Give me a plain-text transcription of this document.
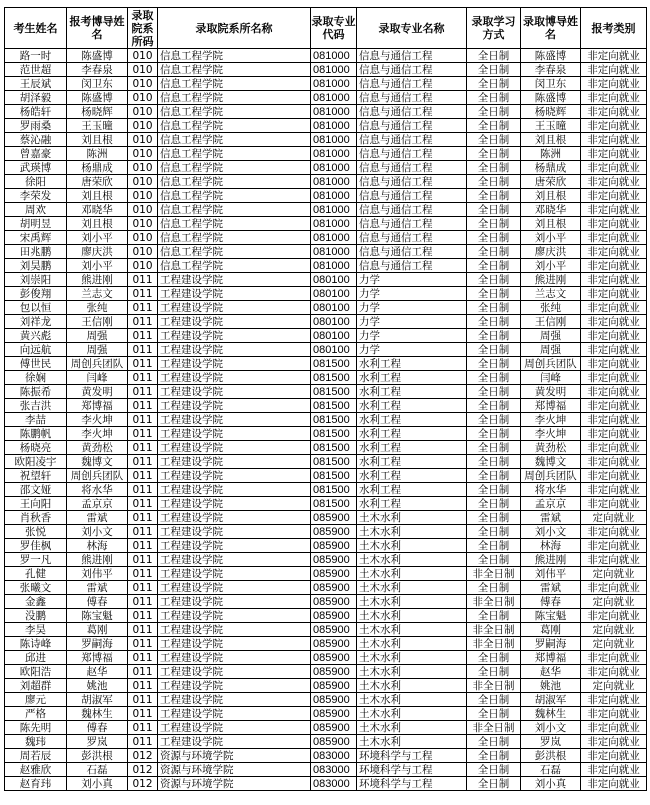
考生姓名	报考博导姓名	录取院系所码	录取院系所名称	录取专业代码	录取专业名称	录取学习方式	录取博导姓名	报考类别
路一时	陈盛博	010	信息工程学院	081000	信息与通信工程	全日制	陈盛博	非定向就业
范世超	李春泉	010	信息工程学院	081000	信息与通信工程	全日制	李春泉	非定向就业
王辰斌	闵卫东	010	信息工程学院	081000	信息与通信工程	全日制	闵卫东	非定向就业
胡泽毅	陈盛博	010	信息工程学院	081000	信息与通信工程	全日制	陈盛博	非定向就业
杨皓轩	杨晓辉	010	信息工程学院	081000	信息与通信工程	全日制	杨晓辉	非定向就业
罗雨桑	王玉曈	010	信息工程学院	081000	信息与通信工程	全日制	王玉曈	非定向就业
蔡沁融	刘且根	010	信息工程学院	081000	信息与通信工程	全日制	刘且根	非定向就业
曾嘉豪	陈洲	010	信息工程学院	081000	信息与通信工程	全日制	陈洲	非定向就业
武瑛博	杨鼎成	010	信息工程学院	081000	信息与通信工程	全日制	杨鼎成	非定向就业
徐阳	唐荣欣	010	信息工程学院	081000	信息与通信工程	全日制	唐荣欣	非定向就业
李荣发	刘且根	010	信息工程学院	081000	信息与通信工程	全日制	刘且根	非定向就业
周欢	邓晓华	010	信息工程学院	081000	信息与通信工程	全日制	邓晓华	非定向就业
胡明昱	刘且根	010	信息工程学院	081000	信息与通信工程	全日制	刘且根	非定向就业
宋禹辉	刘小平	010	信息工程学院	081000	信息与通信工程	全日制	刘小平	非定向就业
田兆鹏	廖庆洪	010	信息工程学院	081000	信息与通信工程	全日制	廖庆洪	非定向就业
刘昊鹏	刘小平	010	信息工程学院	081000	信息与通信工程	全日制	刘小平	非定向就业
刘崇阳	熊进刚	011	工程建设学院	080100	力学	全日制	熊进刚	非定向就业
彭俊翔	兰志文	011	工程建设学院	080100	力学	全日制	兰志文	非定向就业
包以恒	张纯	011	工程建设学院	080100	力学	全日制	张纯	非定向就业
刘祥龙	王信刚	011	工程建设学院	080100	力学	全日制	王信刚	非定向就业
黄兴彪	周强	011	工程建设学院	080100	力学	全日制	周强	非定向就业
向远航	周强	011	工程建设学院	080100	力学	全日制	周强	非定向就业
傅世民	周创兵团队	011	工程建设学院	081500	水利工程	全日制	周创兵团队	非定向就业
徐娴	闫峰	011	工程建设学院	081500	水利工程	全日制	闫峰	非定向就业
陈振希	黄发明	011	工程建设学院	081500	水利工程	全日制	黄发明	非定向就业
张吉洪	郑博福	011	工程建设学院	081500	水利工程	全日制	郑博福	非定向就业
李喆	李火坤	011	工程建设学院	081500	水利工程	全日制	李火坤	非定向就业
陈鹏帆	李火坤	011	工程建设学院	081500	水利工程	全日制	李火坤	非定向就业
杨晓亮	黄劲松	011	工程建设学院	081500	水利工程	全日制	黄劲松	非定向就业
欧阳凌宇	魏博文	011	工程建设学院	081500	水利工程	全日制	魏博文	非定向就业
祝望轩	周创兵团队	011	工程建设学院	081500	水利工程	全日制	周创兵团队	非定向就业
邵文娅	将水华	011	工程建设学院	081500	水利工程	全日制	将水华	非定向就业
王向阳	孟京京	011	工程建设学院	081500	水利工程	全日制	孟京京	非定向就业
肖秋香	雷斌	011	工程建设学院	085900	土木水利	全日制	雷斌	定向就业
张悦	刘小文	011	工程建设学院	085900	土木水利	全日制	刘小文	非定向就业
罗佳枫	林海	011	工程建设学院	085900	土木水利	全日制	林海	非定向就业
罗一凡	熊进刚	011	工程建设学院	085900	土木水利	全日制	熊进刚	非定向就业
孔健	刘伟平	011	工程建设学院	085900	土木水利	非全日制	刘伟平	定向就业
张曦文	雷斌	011	工程建设学院	085900	土木水利	全日制	雷斌	非定向就业
金鑫	傅春	011	工程建设学院	085900	土木水利	非全日制	傅春	定向就业
没鹏	陈宝魁	011	工程建设学院	085900	土木水利	全日制	陈宝魁	非定向就业
李昊	葛刚	011	工程建设学院	085900	土木水利	非全日制	葛刚	定向就业
陈诗峰	罗嗣海	011	工程建设学院	085900	土木水利	非全日制	罗嗣海	定向就业
邱进	郑博福	011	工程建设学院	085900	土木水利	全日制	郑博福	非定向就业
欧阳浩	赵华	011	工程建设学院	085900	土木水利	全日制	赵华	非定向就业
刘超群	姚池	011	工程建设学院	085900	土木水利	非全日制	姚池	定向就业
廖元	胡淑军	011	工程建设学院	085900	土木水利	全日制	胡淑军	非定向就业
严格	魏林生	011	工程建设学院	085900	土木水利	全日制	魏林生	非定向就业
陈先明	傅春	011	工程建设学院	085900	土木水利	非全日制	刘小文	非定向就业
魏玮	罗岚	011	工程建设学院	085900	土木水利	全日制	罗岚	非定向就业
周若辰	彭洪根	012	资源与环境学院	083000	环境科学与工程	全日制	彭洪根	非定向就业
赵雅欣	石磊	012	资源与环境学院	083000	环境科学与工程	全日制	石磊	非定向就业
赵育玮	刘小真	012	资源与环境学院	083000	环境科学与工程	全日制	刘小真	非定向就业
